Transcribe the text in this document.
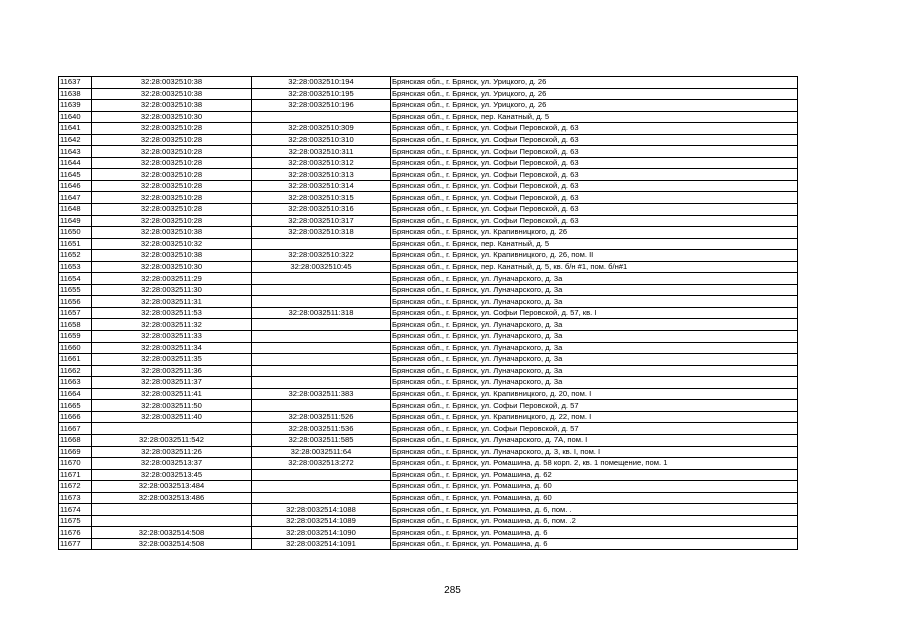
11637	32:28:0032510:38	32:28:0032510:194	Брянская обл., г. Брянск, ул. Урицкого, д. 26
11638	32:28:0032510:38	32:28:0032510:195	Брянская обл., г. Брянск, ул. Урицкого, д. 26
11639	32:28:0032510:38	32:28:0032510:196	Брянская обл., г. Брянск, ул. Урицкого, д. 26
11640	32:28:0032510:30		Брянская обл., г. Брянск, пер. Канатный, д. 5
11641	32:28:0032510:28	32:28:0032510:309	Брянская обл., г. Брянск, ул. Софьи Перовской, д. 63
11642	32:28:0032510:28	32:28:0032510:310	Брянская обл., г. Брянск, ул. Софьи Перовской, д. 63
11643	32:28:0032510:28	32:28:0032510:311	Брянская обл., г. Брянск, ул. Софьи Перовской, д. 63
11644	32:28:0032510:28	32:28:0032510:312	Брянская обл., г. Брянск, ул. Софьи Перовской, д. 63
11645	32:28:0032510:28	32:28:0032510:313	Брянская обл., г. Брянск, ул. Софьи Перовской, д. 63
11646	32:28:0032510:28	32:28:0032510:314	Брянская обл., г. Брянск, ул. Софьи Перовской, д. 63
11647	32:28:0032510:28	32:28:0032510:315	Брянская обл., г. Брянск, ул. Софьи Перовской, д. 63
11648	32:28:0032510:28	32:28:0032510:316	Брянская обл., г. Брянск, ул. Софьи Перовской, д. 63
11649	32:28:0032510:28	32:28:0032510:317	Брянская обл., г. Брянск, ул. Софьи Перовской, д. 63
11650	32:28:0032510:38	32:28:0032510:318	Брянская обл., г. Брянск, ул. Крапивницкого, д. 26
11651	32:28:0032510:32		Брянская обл., г. Брянск, пер. Канатный, д. 5
11652	32:28:0032510:38	32:28:0032510:322	Брянская обл., г. Брянск, ул. Крапивницкого, д. 26, пом. II
11653	32:28:0032510:30	32:28:0032510:45	Брянская обл., г. Брянск, пер. Канатный, д. 5, кв. б/н #1, пом. б/н#1
11654	32:28:0032511:29		Брянская обл., г. Брянск, ул. Луначарского, д. 3а
11655	32:28:0032511:30		Брянская обл., г. Брянск, ул. Луначарского, д. 3а
11656	32:28:0032511:31		Брянская обл., г. Брянск, ул. Луначарского, д. 3а
11657	32:28:0032511:53	32:28:0032511:318	Брянская обл., г. Брянск, ул. Софьи Перовской, д. 57, кв. I
11658	32:28:0032511:32		Брянская обл., г. Брянск, ул. Луначарского, д. 3а
11659	32:28:0032511:33		Брянская обл., г. Брянск, ул. Луначарского, д. 3а
11660	32:28:0032511:34		Брянская обл., г. Брянск, ул. Луначарского, д. 3а
11661	32:28:0032511:35		Брянская обл., г. Брянск, ул. Луначарского, д. 3а
11662	32:28:0032511:36		Брянская обл., г. Брянск, ул. Луначарского, д. 3а
11663	32:28:0032511:37		Брянская обл., г. Брянск, ул. Луначарского, д. 3а
11664	32:28:0032511:41	32:28:0032511:383	Брянская обл., г. Брянск, ул. Крапивницкого, д. 20, пом. I
11665	32:28:0032511:50		Брянская обл., г. Брянск, ул. Софьи Перовской, д. 57
11666	32:28:0032511:40	32:28:0032511:526	Брянская обл., г. Брянск, ул. Крапивницкого, д. 22, пом. I
11667		32:28:0032511:536	Брянская обл., г. Брянск, ул. Софьи Перовской, д. 57
11668	32:28:0032511:542	32:28:0032511:585	Брянская обл., г. Брянск, ул. Луначарского, д. 7А, пом. I
11669	32:28:0032511:26	32:28:0032511:64	Брянская обл., г. Брянск, ул. Луначарского, д. 3, кв. I, пом. I
11670	32:28:0032513:37	32:28:0032513:272	Брянская обл., г. Брянск, ул. Ромашина, д. 58 корп. 2, кв. 1 помещение, пом. 1
11671	32:28:0032513:45		Брянская обл., г. Брянск, ул. Ромашина, д. 62
11672	32:28:0032513:484		Брянская обл., г. Брянск, ул. Ромашина, д. 60
11673	32:28:0032513:486		Брянская обл., г. Брянск, ул. Ромашина, д. 60
11674		32:28:0032514:1088	Брянская обл., г. Брянск, ул. Ромашина, д. 6, пом. .
11675		32:28:0032514:1089	Брянская обл., г. Брянск, ул. Ромашина, д. 6, пом. .2
11676	32:28:0032514:508	32:28:0032514:1090	Брянская обл., г. Брянск, ул. Ромашина, д. 6
11677	32:28:0032514:508	32:28:0032514:1091	Брянская обл., г. Брянск, ул. Ромашина, д. 6
285
